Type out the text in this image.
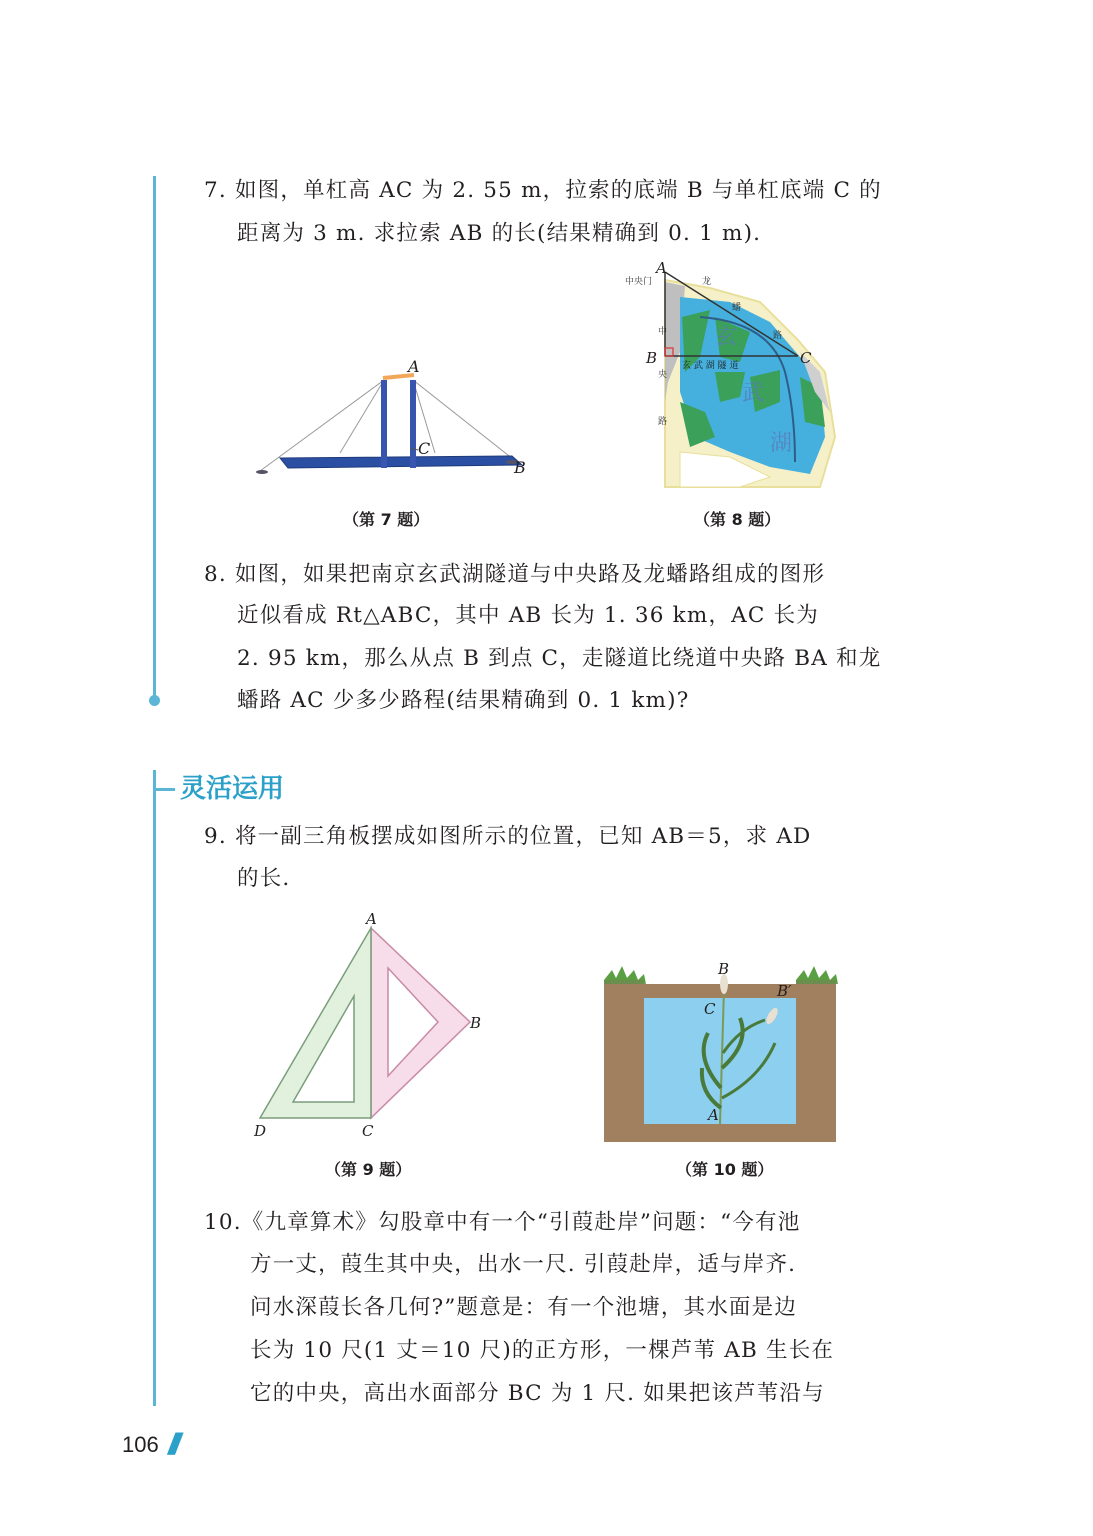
7. 如图，单杠高 AC 为 2. 55 m，拉索的底端 B 与单杠底端 C 的
距离为 3 m. 求拉索 AB 的长(结果精确到 0. 1 m).
A
C
B
（第 7 题）
中央门
A
B	C
龙
蟠
路
中
央
路
玄 武 湖 隧 道
玄
武
湖
（第 8 题）
8. 如图，如果把南京玄武湖隧道与中央路及龙蟠路组成的图形
近似看成 Rt△ABC，其中 AB 长为 1. 36 km，AC 长为
2. 95 km，那么从点 B 到点 C，走隧道比绕道中央路 BA 和龙
蟠路 AC 少多少路程(结果精确到 0. 1 km)?
灵活运用
9. 将一副三角板摆成如图所示的位置，已知 AB＝5，求 AD
的长.
A
B
C
D
（第 9 题）
B
B′
C
A
（第 10 题）
10.《九章算术》勾股章中有一个“引葭赴岸”问题：“今有池
方一丈，葭生其中央，出水一尺. 引葭赴岸，适与岸齐.
问水深葭长各几何?”题意是：有一个池塘，其水面是边
长为 10 尺(1 丈＝10 尺)的正方形，一棵芦苇 AB 生长在
它的中央，高出水面部分 BC 为 1 尺. 如果把该芦苇沿与
106 ///
